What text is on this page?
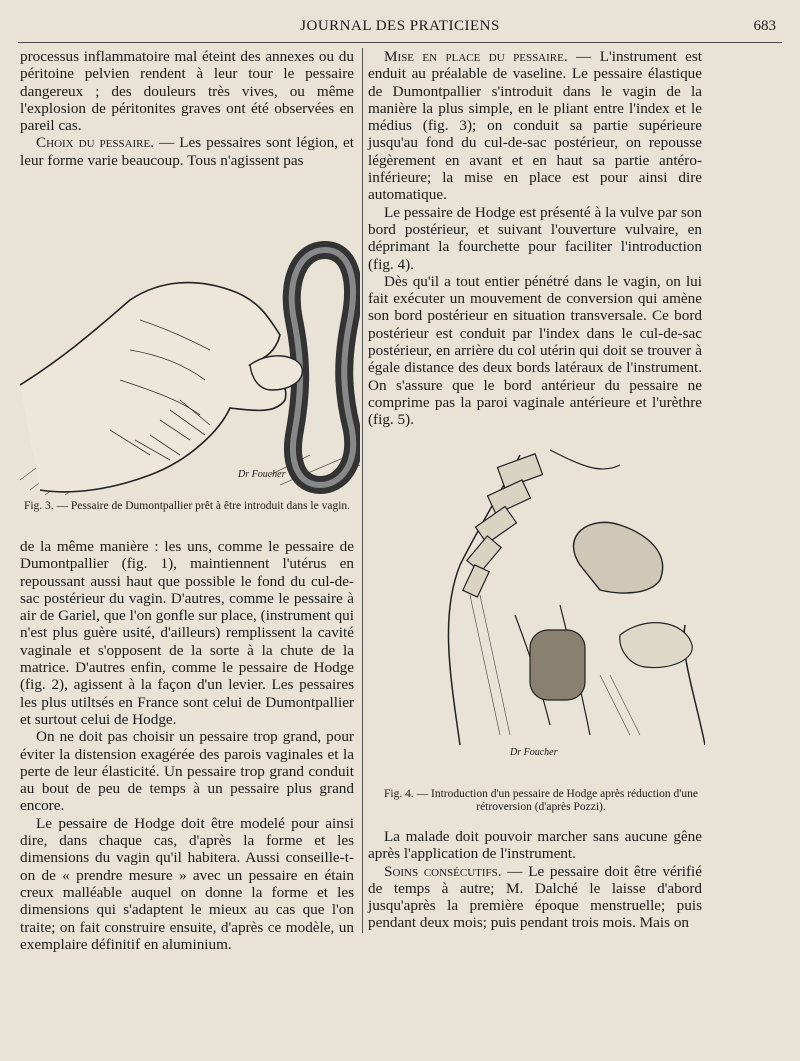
JOURNAL DES PRATICIENS	683

processus inflammatoire mal éteint des annexes ou du péritoine pelvien rendent à leur tour le pessaire dangereux ; des douleurs très vives, ou même l'explosion de péritonites graves ont été observées en pareil cas.

Choix du pessaire. — Les pessaires sont légion, et leur forme varie beaucoup. Tous n'agissent pas

Dr Foucher
Fig. 3. — Pessaire de Dumontpallier prêt à être introduit dans le vagin.

de la même manière : les uns, comme le pessaire de Dumontpallier (fig. 1), maintiennent l'utérus en repoussant aussi haut que possible le fond du cul-de-sac postérieur du vagin. D'autres, comme le pessaire à air de Gariel, que l'on gonfle sur place, (instrument qui n'est plus guère usité, d'ailleurs) remplissent la cavité vaginale et s'opposent de la sorte à la chute de la matrice. D'autres enfin, comme le pessaire de Hodge (fig. 2), agissent à la façon d'un levier. Les pessaires les plus utiltsés en France sont celui de Dumontpallier et surtout celui de Hodge.

On ne doit pas choisir un pessaire trop grand, pour éviter la distension exagérée des parois vaginales et la perte de leur élasticité. Un pessaire trop grand conduit au bout de peu de temps à un pessaire plus grand encore.

Le pessaire de Hodge doit être modelé pour ainsi dire, dans chaque cas, d'après la forme et les dimensions du vagin qu'il habitera. Aussi conseille-t-on de « prendre mesure » avec un pessaire en étain creux malléable auquel on donne la forme et les dimensions qui s'adaptent le mieux au cas que l'on traite; on fait construire ensuite, d'après ce modèle, un exemplaire définitif en aluminium.

Mise en place du pessaire. — L'instrument est enduit au préalable de vaseline. Le pessaire élastique de Dumontpallier s'introduit dans le vagin de la manière la plus simple, en le pliant entre l'index et le médius (fig. 3); on conduit sa partie supérieure jusqu'au fond du cul-de-sac postérieur, on repousse légèrement en avant et en haut sa partie antéro-inférieure; la mise en place est pour ainsi dire automatique.

Le pessaire de Hodge est présenté à la vulve par son bord postérieur, et suivant l'ouverture vulvaire, en déprimant la fourchette pour faciliter l'introduction (fig. 4).

Dès qu'il a tout entier pénétré dans le vagin, on lui fait exécuter un mouvement de conversion qui amène son bord postérieur en situation transversale. Ce bord postérieur est conduit par l'index dans le cul-de-sac postérieur, en arrière du col utérin qui doit se trouver à égale distance des deux bords latéraux de l'instrument. On s'assure que le bord antérieur du pessaire ne comprime pas la paroi vaginale antérieure et l'urèthre (fig. 5).

Dr Foucher
Fig. 4. — Introduction d'un pessaire de Hodge après réduction d'une rétroversion (d'après Pozzi).

La malade doit pouvoir marcher sans aucune gêne après l'application de l'instrument.

Soins consécutifs. — Le pessaire doit être vérifié de temps à autre; M. Dalché le laisse d'abord jusqu'après la première époque menstruelle; puis pendant deux mois; puis pendant trois mois. Mais on
